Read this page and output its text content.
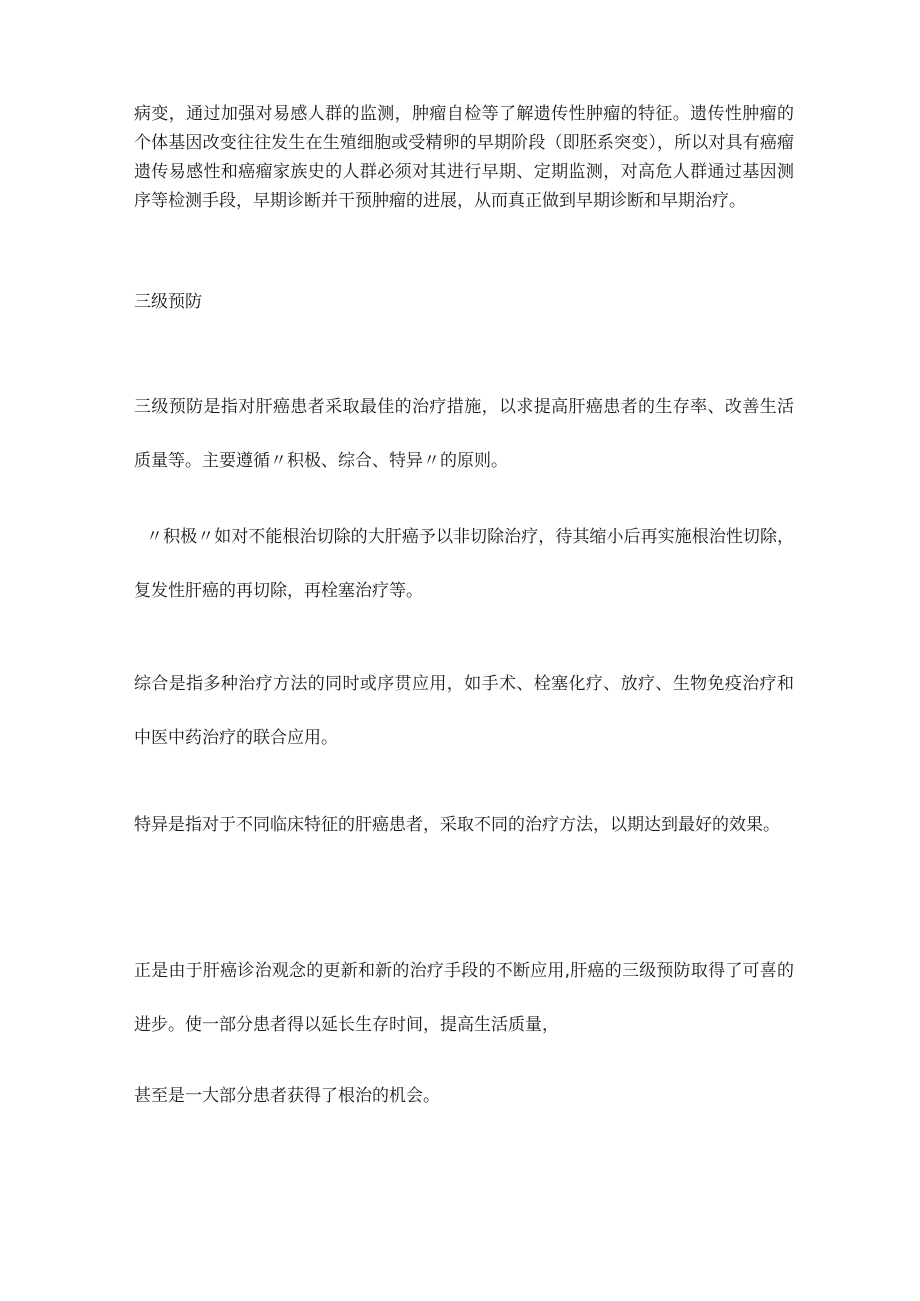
病变，通过加强对易感人群的监测，肿瘤自检等了解遗传性肿瘤的特征。遗传性肿瘤的个体基因改变往往发生在生殖细胞或受精卵的早期阶段（即胚系突变），所以对具有癌瘤遗传易感性和癌瘤家族史的人群必须对其进行早期、定期监测，对高危人群通过基因测序等检测手段，早期诊断并干预肿瘤的进展，从而真正做到早期诊断和早期治疗。

三级预防

三级预防是指对肝癌患者采取最佳的治疗措施，以求提高肝癌患者的生存率、改善生活质量等。主要遵循〃积极、综合、特异〃的原则。

〃积极〃如对不能根治切除的大肝癌予以非切除治疗，待其缩小后再实施根治性切除，复发性肝癌的再切除，再栓塞治疗等。

综合是指多种治疗方法的同时或序贯应用，如手术、栓塞化疗、放疗、生物免疫治疗和中医中药治疗的联合应用。

特异是指对于不同临床特征的肝癌患者，采取不同的治疗方法，以期达到最好的效果。

正是由于肝癌诊治观念的更新和新的治疗手段的不断应用,肝癌的三级预防取得了可喜的进步。使一部分患者得以延长生存时间，提高生活质量，

甚至是一大部分患者获得了根治的机会。
